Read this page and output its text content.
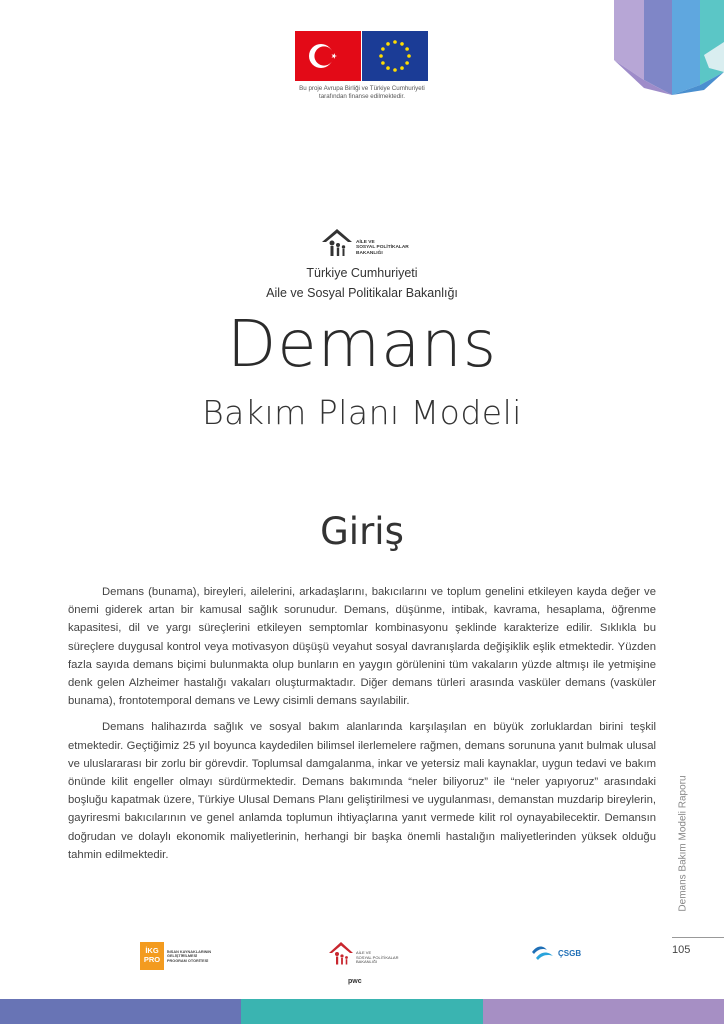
Bu proje Avrupa Birliği ve Türkiye Cumhuriyeti
tarafından finanse edilmektedir.
AİLE VE
SOSYAL POLİTİKALAR
BAKANLIĞI
Türkiye Cumhuriyeti
Aile ve Sosyal Politikalar Bakanlığı
Demans
Bakım Planı Modeli
Giriş

Demans (bunama), bireyleri, ailelerini, arkadaşlarını, bakıcılarını ve toplum genelini etkileyen kayda değer ve önemi giderek artan bir kamusal sağlık sorunudur. Demans, düşünme, intibak, kavrama, hesaplama, öğrenme kapasitesi, dil ve yargı süreçlerini etkileyen semptomlar kombinasyonu şeklinde karakterize edilir. Sıklıkla bu süreçlere duygusal kontrol veya motivasyon düşüşü veyahut sosyal davranışlarda değişiklik eşlik etmektedir. Yüzden fazla sayıda demans biçimi bulunmakta olup bunların en yaygın görülenini tüm vakaların yüzde altmışı ile yetmişine denk gelen Alzheimer hastalığı vakaları oluşturmaktadır. Diğer demans türleri arasında vasküler demans (vasküler bunama), frontotemporal demans ve Lewy cisimli demans sayılabilir.

Demans halihazırda sağlık ve sosyal bakım alanlarında karşılaşılan en büyük zorluklardan birini teşkil etmektedir. Geçtiğimiz 25 yıl boyunca kaydedilen bilimsel ilerlemelere rağmen, demans sorununa yanıt bulmak ulusal ve uluslararası bir zorlu bir görevdir. Toplumsal damgalanma, inkar ve yetersiz mali kaynaklar, uygun tedavi ve bakım önünde kilit engeller olmayı sürdürmektedir. Demans bakımında “neler biliyoruz” ile “neler yapıyoruz” arasındaki boşluğu kapatmak üzere, Türkiye Ulusal Demans Planı geliştirilmesi ve uygulanması, demanstan muzdarip bireylerin, gayriresmi bakıcılarının ve genel anlamda toplumun ihtiyaçlarına yanıt vermede kilit rol oynayabilecektir. Demansın doğrudan ve dolaylı ekonomik maliyetlerinin, herhangi bir başka önemli hastalığın maliyetlerinden yüksek olduğu tahmin edilmektedir.	Demans Bakım Modeli Raporu
105
İKG PRO
İNSAN KAYNAKLARININ
GELİŞTİRİLMESİ
PROGRAM OTORİTESİ
AİLE VE
SOSYAL POLİTİKALAR
BAKANLIĞI
pwc
ÇSGB
